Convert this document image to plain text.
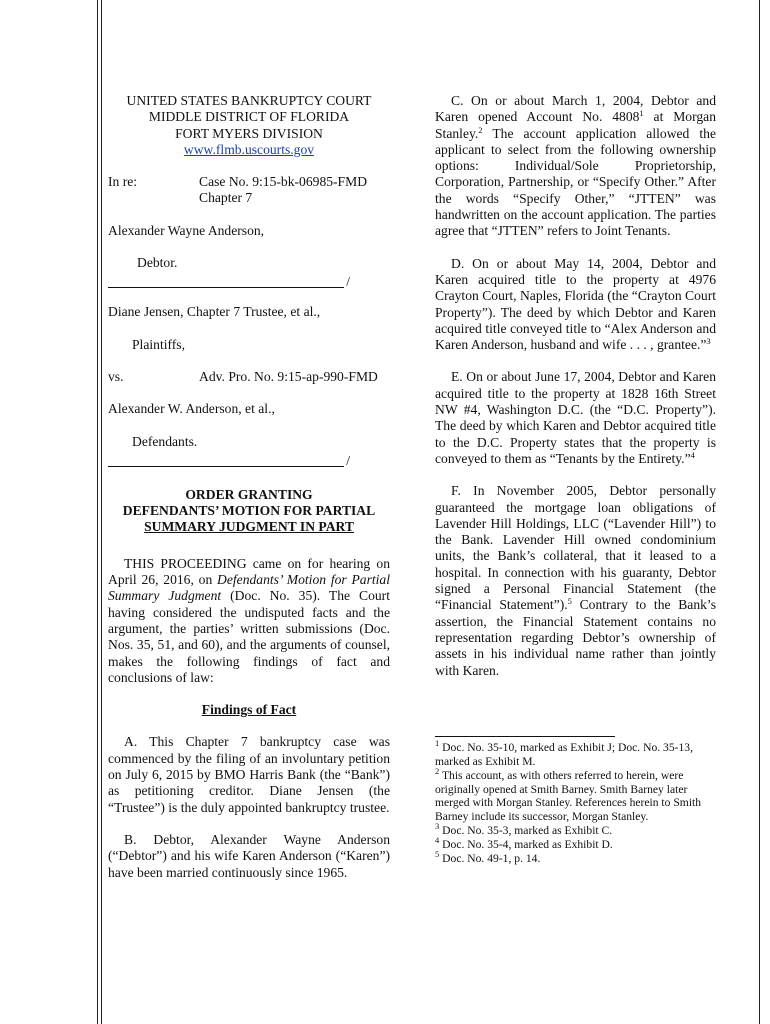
UNITED STATES BANKRUPTCY COURT

MIDDLE DISTRICT OF FLORIDA

FORT MYERS DIVISION

www.flmb.uscourts.gov

In re:	Case No. 9:15-bk-06985-FMD
Chapter 7

Alexander Wayne Anderson,

Debtor.

/

Diane Jensen, Chapter 7 Trustee, et al.,

Plaintiffs,

vs.	Adv. Pro. No. 9:15-ap-990-FMD

Alexander W. Anderson, et al.,

Defendants.

/

ORDER GRANTING

DEFENDANTS’ MOTION FOR PARTIAL

SUMMARY JUDGMENT IN PART

THIS PROCEEDING came on for hearing on April 26, 2016, on Defendants’ Motion for Partial Summary Judgment (Doc. No. 35). The Court having considered the undisputed facts and the argument, the parties’ written submissions (Doc. Nos. 35, 51, and 60), and the arguments of counsel, makes the following findings of fact and conclusions of law:

Findings of Fact

A. This Chapter 7 bankruptcy case was commenced by the filing of an involuntary petition on July 6, 2015 by BMO Harris Bank (the “Bank”) as petitioning creditor. Diane Jensen (the “Trustee”) is the duly appointed bankruptcy trustee.

B. Debtor, Alexander Wayne Anderson (“Debtor”) and his wife Karen Anderson (“Karen”) have been married continuously since 1965.

C. On or about March 1, 2004, Debtor and Karen opened Account No. 4808$^1$ at Morgan Stanley.$^2$ The account application allowed the applicant to select from the following ownership options: Individual/Sole Proprietorship, Corporation, Partnership, or “Specify Other.” After the words “Specify Other,” “JTTEN” was handwritten on the account application. The parties agree that “JTTEN” refers to Joint Tenants.

D. On or about May 14, 2004, Debtor and Karen acquired title to the property at 4976 Crayton Court, Naples, Florida (the “Crayton Court Property”). The deed by which Debtor and Karen acquired title conveyed title to “Alex Anderson and Karen Anderson, husband and wife . . . , grantee.”$^3$

E. On or about June 17, 2004, Debtor and Karen acquired title to the property at 1828 16th Street NW #4, Washington D.C. (the “D.C. Property”). The deed by which Karen and Debtor acquired title to the D.C. Property states that the property is conveyed to them as “Tenants by the Entirety.”$^4$

F. In November 2005, Debtor personally guaranteed the mortgage loan obligations of Lavender Hill Holdings, LLC (“Lavender Hill”) to the Bank. Lavender Hill owned condominium units, the Bank’s collateral, that it leased to a hospital. In connection with his guaranty, Debtor signed a Personal Financial Statement (the “Financial Statement”).$^5$ Contrary to the Bank’s assertion, the Financial Statement contains no representation regarding Debtor’s ownership of assets in his individual name rather than jointly with Karen.

$^1$ Doc. No. 35-10, marked as Exhibit J; Doc. No. 35-13, marked as Exhibit M.

$^2$ This account, as with others referred to herein, were originally opened at Smith Barney. Smith Barney later merged with Morgan Stanley. References herein to Smith Barney include its successor, Morgan Stanley.

$^3$ Doc. No. 35-3, marked as Exhibit C.

$^4$ Doc. No. 35-4, marked as Exhibit D.

$^5$ Doc. No. 49-1, p. 14.
